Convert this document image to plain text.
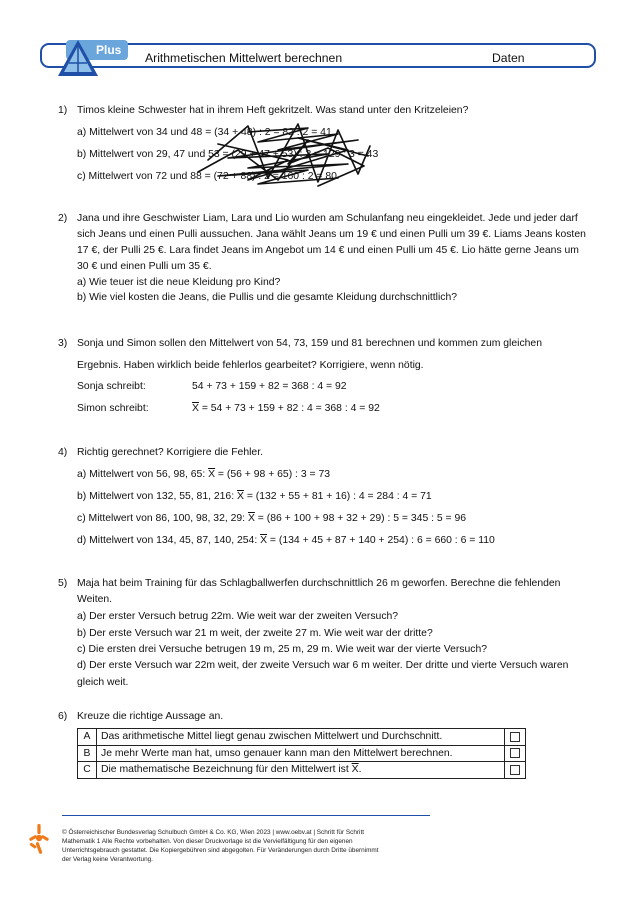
Plus
Arithmetischen Mittelwert berechnen	Daten
1) Timos kleine Schwester hat in ihrem Heft gekritzelt. Was stand unter den Kritzeleien?
a) Mittelwert von 34 und 48 = (34 + 48) : 2 = 82 : 2 = 41
b) Mittelwert von 29, 47 und 53 = (29 + 47 + 53) : 3 = 129 : 3 = 43
c) Mittelwert von 72 und 88 = (72 + 88) : 2 = 160 : 2 = 80
2) Jana und ihre Geschwister Liam, Lara und Lio wurden am Schulanfang neu eingekleidet. Jede und jeder darf
sich Jeans und einen Pulli aussuchen. Jana wählt Jeans um 19 € und einen Pulli um 39 €. Liams Jeans kosten
17 €, der Pulli 25 €. Lara findet Jeans im Angebot um 14 € und einen Pulli um 45 €. Lio hätte gerne Jeans um
30 € und einen Pulli um 35 €.
a) Wie teuer ist die neue Kleidung pro Kind?
b) Wie viel kosten die Jeans, die Pullis und die gesamte Kleidung durchschnittlich?
3) Sonja und Simon sollen den Mittelwert von 54, 73, 159 und 81 berechnen und kommen zum gleichen
Ergebnis. Haben wirklich beide fehlerlos gearbeitet? Korrigiere, wenn nötig.
Sonja schreibt:	54 + 73 + 159 + 82 = 368 : 4 = 92
Simon schreibt:	$\overline{X} = 54 + 73 + 159 + 82$ : 4 = 368 : 4 = 92
4) Richtig gerechnet? Korrigiere die Fehler.
a) Mittelwert von 56, 98, 65: $\overline{X} = (56 + 98 + 65)$ : 3 = 73
b) Mittelwert von 132, 55, 81, 216: $\overline{X} = (132 + 55 + 81 + 16)$ : 4 = 284 : 4 = 71
c) Mittelwert von 86, 100, 98, 32, 29: $\overline{X} = (86 + 100 + 98 + 32 + 29)$ : 5 = 345 : 5 = 96
d) Mittelwert von 134, 45, 87, 140, 254: $\overline{X} = (134 + 45 + 87 + 140 + 254)$ : 6 = 660 : 6 = 110
5) Maja hat beim Training für das Schlagballwerfen durchschnittlich 26 m geworfen. Berechne die fehlenden
Weiten.
a) Der erster Versuch betrug 22m. Wie weit war der zweiten Versuch?
b) Der erste Versuch war 21 m weit, der zweite 27 m. Wie weit war der dritte?
c) Die ersten drei Versuche betrugen 19 m, 25 m, 29 m. Wie weit war der vierte Versuch?
d) Der erste Versuch war 22m weit, der zweite Versuch war 6 m weiter. Der dritte und vierte Versuch waren
gleich weit.
6) Kreuze die richtige Aussage an.
A	Das arithmetische Mittel liegt genau zwischen Mittelwert und Durchschnitt.	
B	Je mehr Werte man hat, umso genauer kann man den Mittelwert berechnen.	
C	Die mathematische Bezeichnung für den Mittelwert ist $\overline{X}$.	
© Österreichischer Bundesverlag Schulbuch GmbH & Co. KG, Wien 2023 | www.oebv.at | Schritt für Schritt
Mathematik 1 Alle Rechte vorbehalten. Von dieser Druckvorlage ist die Vervielfältigung für den eigenen
Unterrichtsgebrauch gestattet. Die Kopiergebühren sind abgegolten. Für Veränderungen durch Dritte übernimmt
der Verlag keine Verantwortung.
